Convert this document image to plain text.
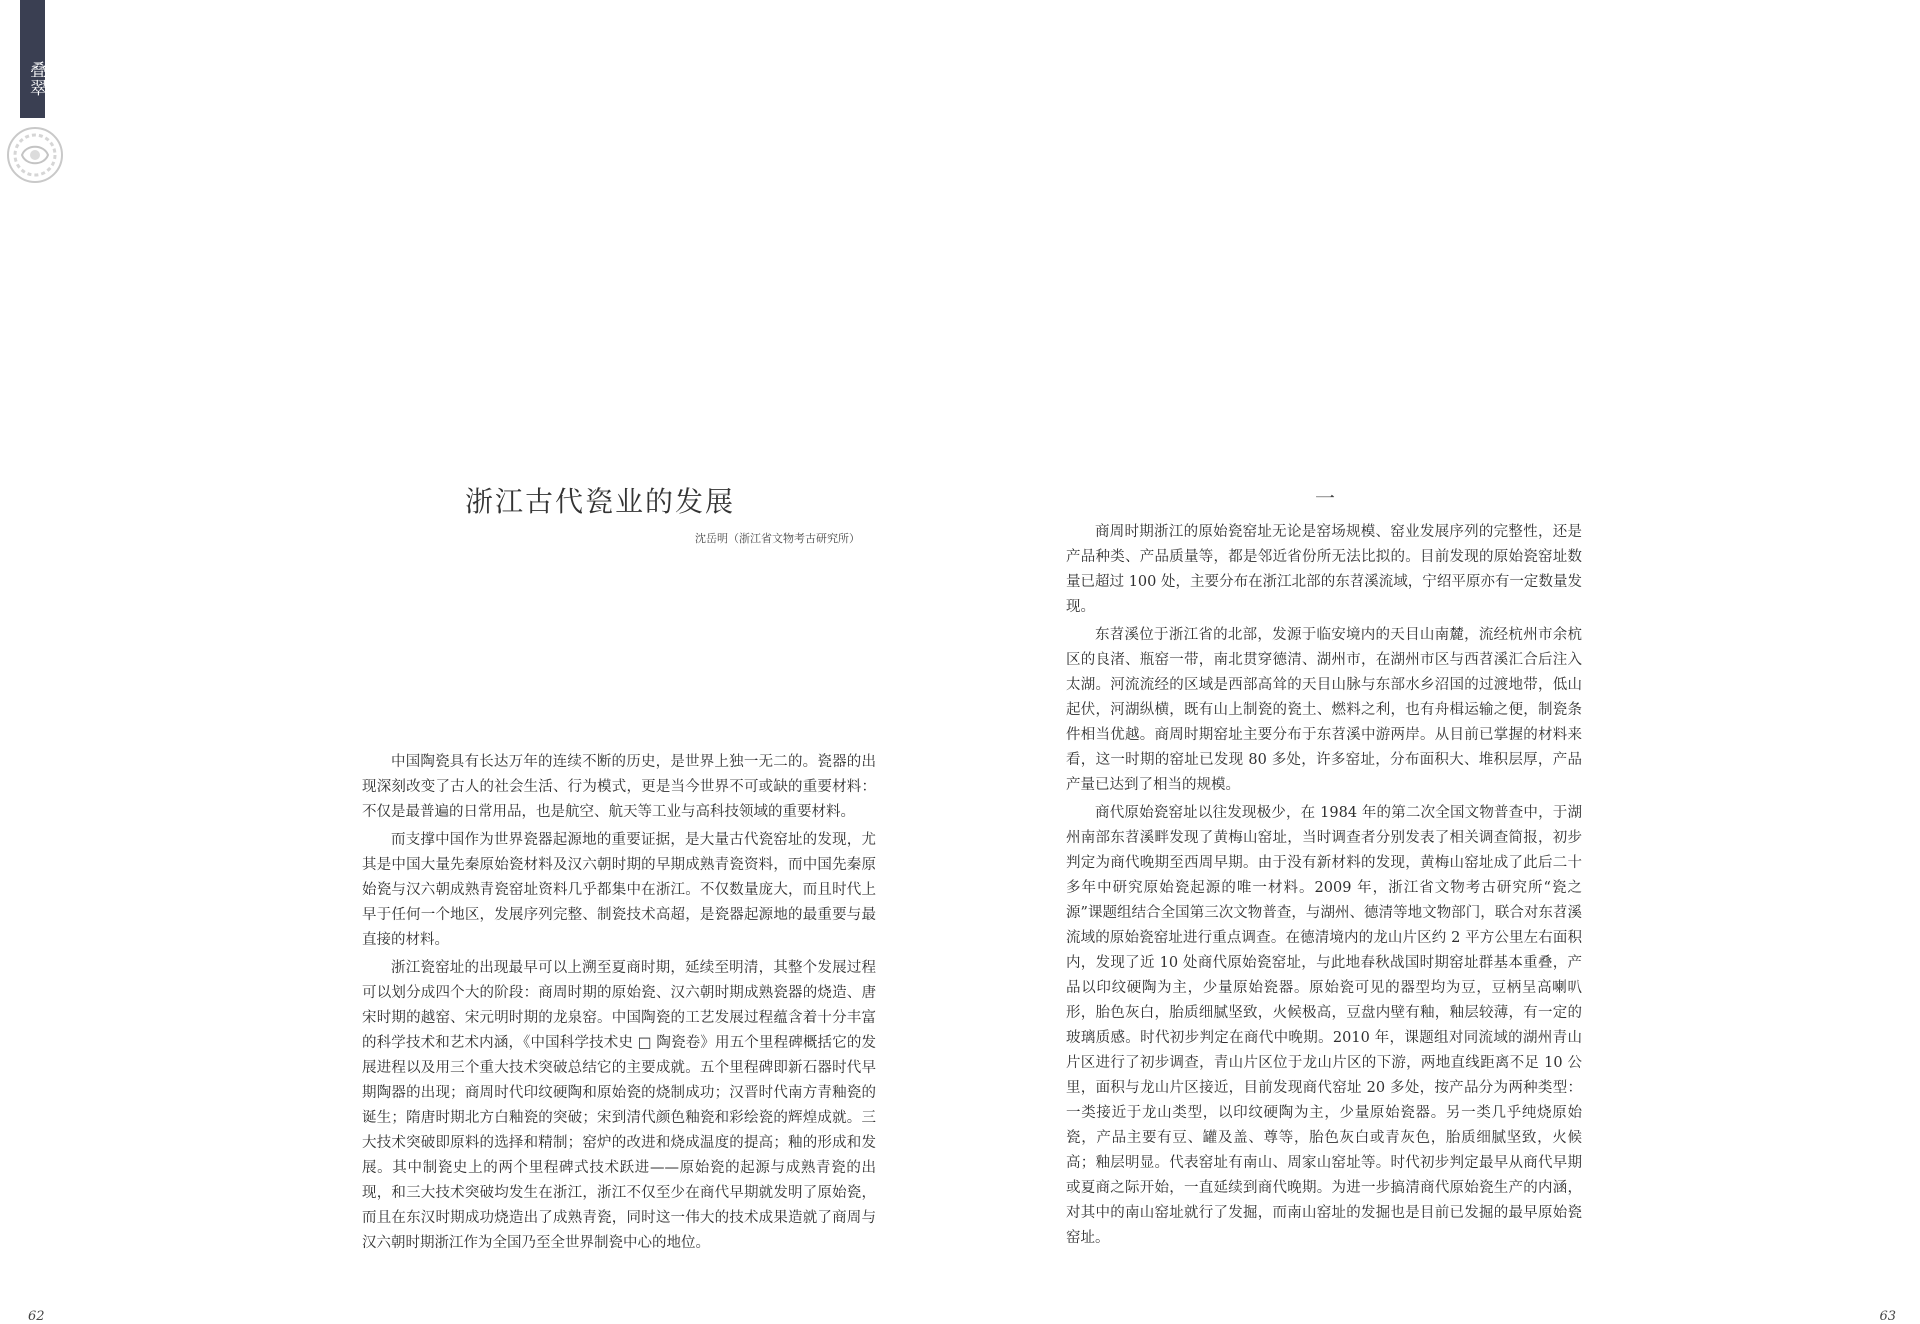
叠翠
浙江古代瓷业的发展
沈岳明（浙江省文物考古研究所）

中国陶瓷具有长达万年的连续不断的历史，是世界上独一无二的。瓷器的出现深刻改变了古人的社会生活、行为模式，更是当今世界不可或缺的重要材料：不仅是最普遍的日常用品，也是航空、航天等工业与高科技领域的重要材料。

而支撑中国作为世界瓷器起源地的重要证据，是大量古代瓷窑址的发现，尤其是中国大量先秦原始瓷材料及汉六朝时期的早期成熟青瓷资料，而中国先秦原始瓷与汉六朝成熟青瓷窑址资料几乎都集中在浙江。不仅数量庞大，而且时代上早于任何一个地区，发展序列完整、制瓷技术高超，是瓷器起源地的最重要与最直接的材料。

浙江瓷窑址的出现最早可以上溯至夏商时期，延续至明清，其整个发展过程可以划分成四个大的阶段：商周时期的原始瓷、汉六朝时期成熟瓷器的烧造、唐宋时期的越窑、宋元明时期的龙泉窑。中国陶瓷的工艺发展过程蕴含着十分丰富的科学技术和艺术内涵，《中国科学技术史 □ 陶瓷卷》用五个里程碑概括它的发展进程以及用三个重大技术突破总结它的主要成就。五个里程碑即新石器时代早期陶器的出现；商周时代印纹硬陶和原始瓷的烧制成功；汉晋时代南方青釉瓷的诞生；隋唐时期北方白釉瓷的突破；宋到清代颜色釉瓷和彩绘瓷的辉煌成就。三大技术突破即原料的选择和精制；窑炉的改进和烧成温度的提高；釉的形成和发展。其中制瓷史上的两个里程碑式技术跃进——原始瓷的起源与成熟青瓷的出现，和三大技术突破均发生在浙江，浙江不仅至少在商代早期就发明了原始瓷，而且在东汉时期成功烧造出了成熟青瓷，同时这一伟大的技术成果造就了商周与汉六朝时期浙江作为全国乃至全世界制瓷中心的地位。

62
一

商周时期浙江的原始瓷窑址无论是窑场规模、窑业发展序列的完整性，还是产品种类、产品质量等，都是邻近省份所无法比拟的。目前发现的原始瓷窑址数量已超过 100 处，主要分布在浙江北部的东苕溪流域，宁绍平原亦有一定数量发现。

东苕溪位于浙江省的北部，发源于临安境内的天目山南麓，流经杭州市余杭区的良渚、瓶窑一带，南北贯穿德清、湖州市，在湖州市区与西苕溪汇合后注入太湖。河流流经的区域是西部高耸的天目山脉与东部水乡沼国的过渡地带，低山起伏，河湖纵横，既有山上制瓷的瓷土、燃料之利，也有舟楫运输之便，制瓷条件相当优越。商周时期窑址主要分布于东苕溪中游两岸。从目前已掌握的材料来看，这一时期的窑址已发现 80 多处，许多窑址，分布面积大、堆积层厚，产品产量已达到了相当的规模。

商代原始瓷窑址以往发现极少，在 1984 年的第二次全国文物普查中，于湖州南部东苕溪畔发现了黄梅山窑址，当时调查者分别发表了相关调查简报，初步判定为商代晚期至西周早期。由于没有新材料的发现，黄梅山窑址成了此后二十多年中研究原始瓷起源的唯一材料。2009 年，浙江省文物考古研究所“瓷之源”课题组结合全国第三次文物普查，与湖州、德清等地文物部门，联合对东苕溪流域的原始瓷窑址进行重点调查。在德清境内的龙山片区约 2 平方公里左右面积内，发现了近 10 处商代原始瓷窑址，与此地春秋战国时期窑址群基本重叠，产品以印纹硬陶为主，少量原始瓷器。原始瓷可见的器型均为豆，豆柄呈高喇叭形，胎色灰白，胎质细腻坚致，火候极高，豆盘内壁有釉，釉层较薄，有一定的玻璃质感。时代初步判定在商代中晚期。2010 年，课题组对同流域的湖州青山片区进行了初步调查，青山片区位于龙山片区的下游，两地直线距离不足 10 公里，面积与龙山片区接近，目前发现商代窑址 20 多处，按产品分为两种类型：一类接近于龙山类型，以印纹硬陶为主，少量原始瓷器。另一类几乎纯烧原始瓷，产品主要有豆、罐及盖、尊等，胎色灰白或青灰色，胎质细腻坚致，火候高；釉层明显。代表窑址有南山、周家山窑址等。时代初步判定最早从商代早期或夏商之际开始，一直延续到商代晚期。为进一步搞清商代原始瓷生产的内涵，对其中的南山窑址就行了发掘，而南山窑址的发掘也是目前已发掘的最早原始瓷窑址。

63
